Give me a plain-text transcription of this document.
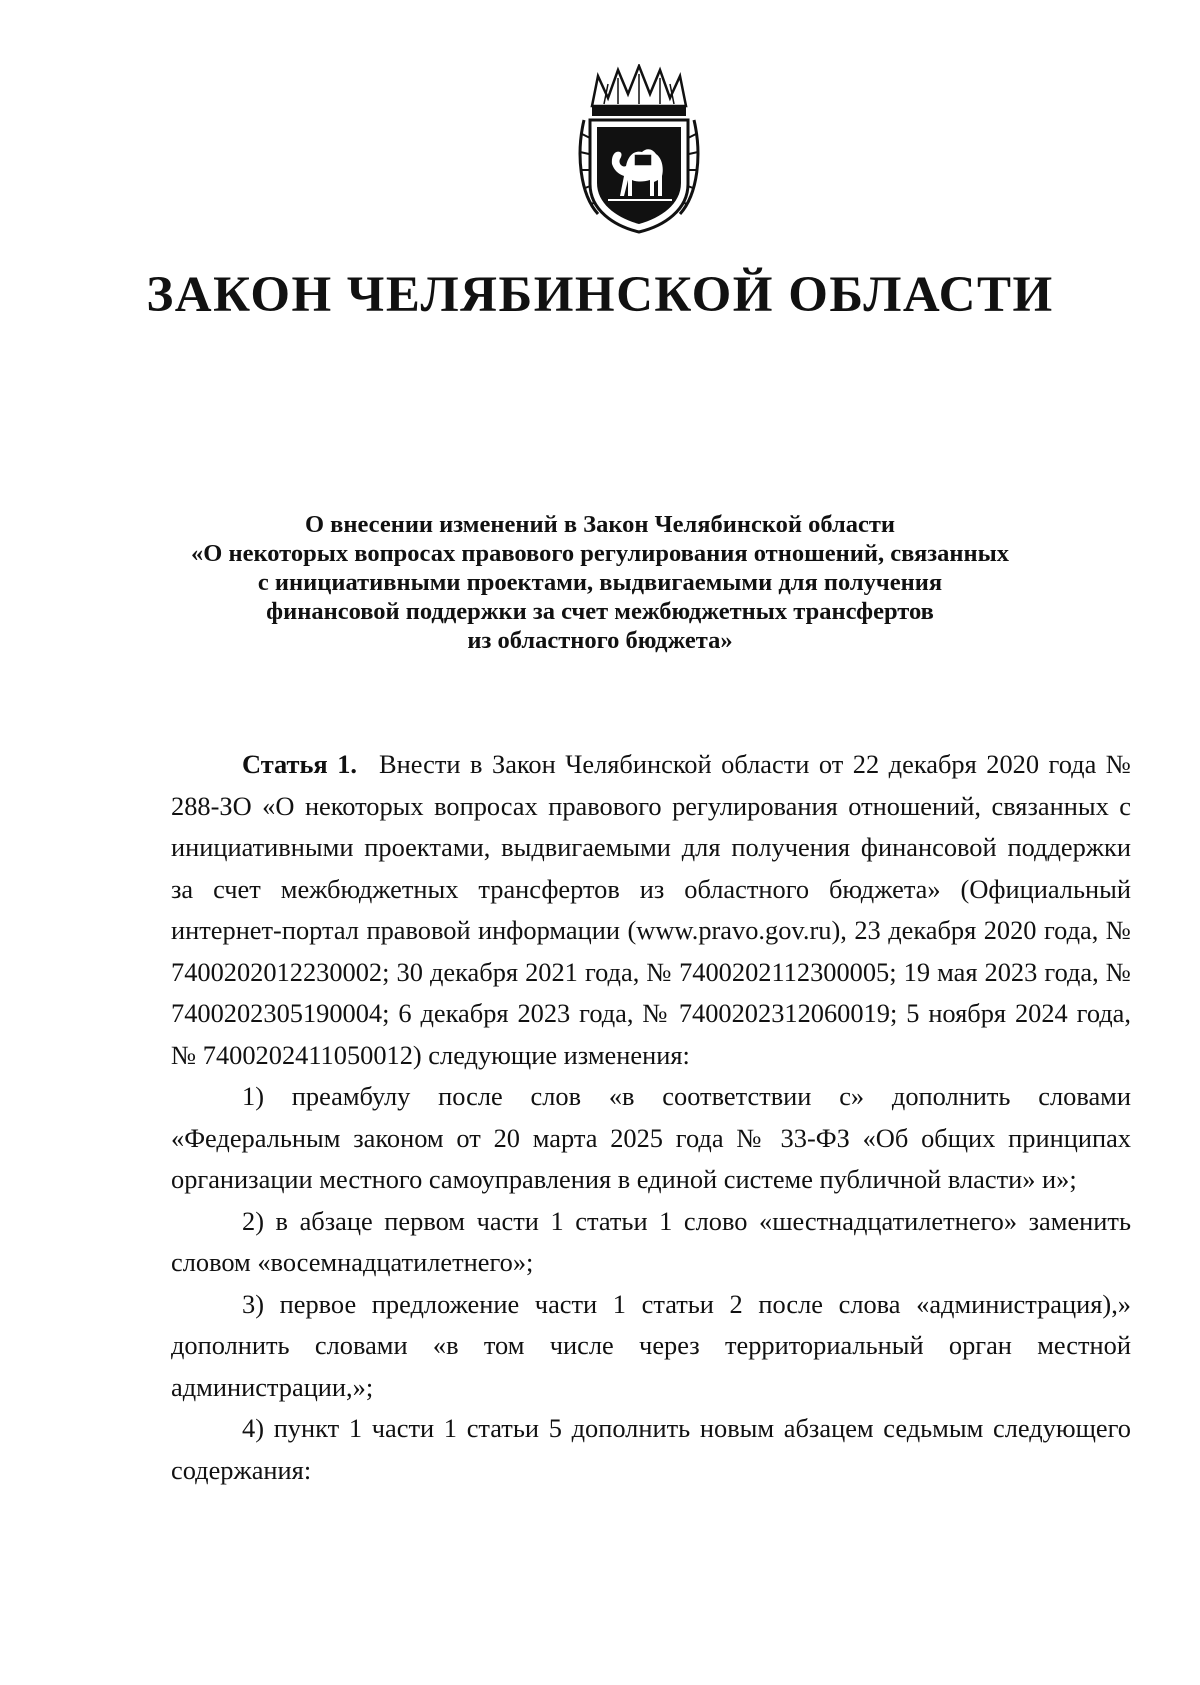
ЗАКОН ЧЕЛЯБИНСКОЙ ОБЛАСТИ
О внесении изменений в Закон Челябинской области
«О некоторых вопросах правового регулирования отношений, связанных
с инициативными проектами, выдвигаемыми для получения
финансовой поддержки за счет межбюджетных трансфертов
из областного бюджета»

Статья 1. Внести в Закон Челябинской области от 22 декабря 2020 года № 288-ЗО «О некоторых вопросах правового регулирования отношений, связанных с инициативными проектами, выдвигаемыми для получения финансовой поддержки за счет межбюджетных трансфертов из областного бюджета» (Официальный интернет-портал правовой информации (www.pravo.gov.ru), 23 декабря 2020 года, № 7400202012230002; 30 декабря 2021 года, № 7400202112300005; 19 мая 2023 года, № 7400202305190004; 6 декабря 2023 года, № 7400202312060019; 5 ноября 2024 года, № 7400202411050012) следующие изменения:

1) преамбулу после слов «в соответствии с» дополнить словами «Федеральным законом от 20 марта 2025 года № 33-ФЗ «Об общих принципах организации местного самоуправления в единой системе публичной власти» и»;

2) в абзаце первом части 1 статьи 1 слово «шестнадцатилетнего» заменить словом «восемнадцатилетнего»;

3) первое предложение части 1 статьи 2 после слова «администрация),» дополнить словами «в том числе через территориальный орган местной администрации,»;

4) пункт 1 части 1 статьи 5 дополнить новым абзацем седьмым следующего содержания:
